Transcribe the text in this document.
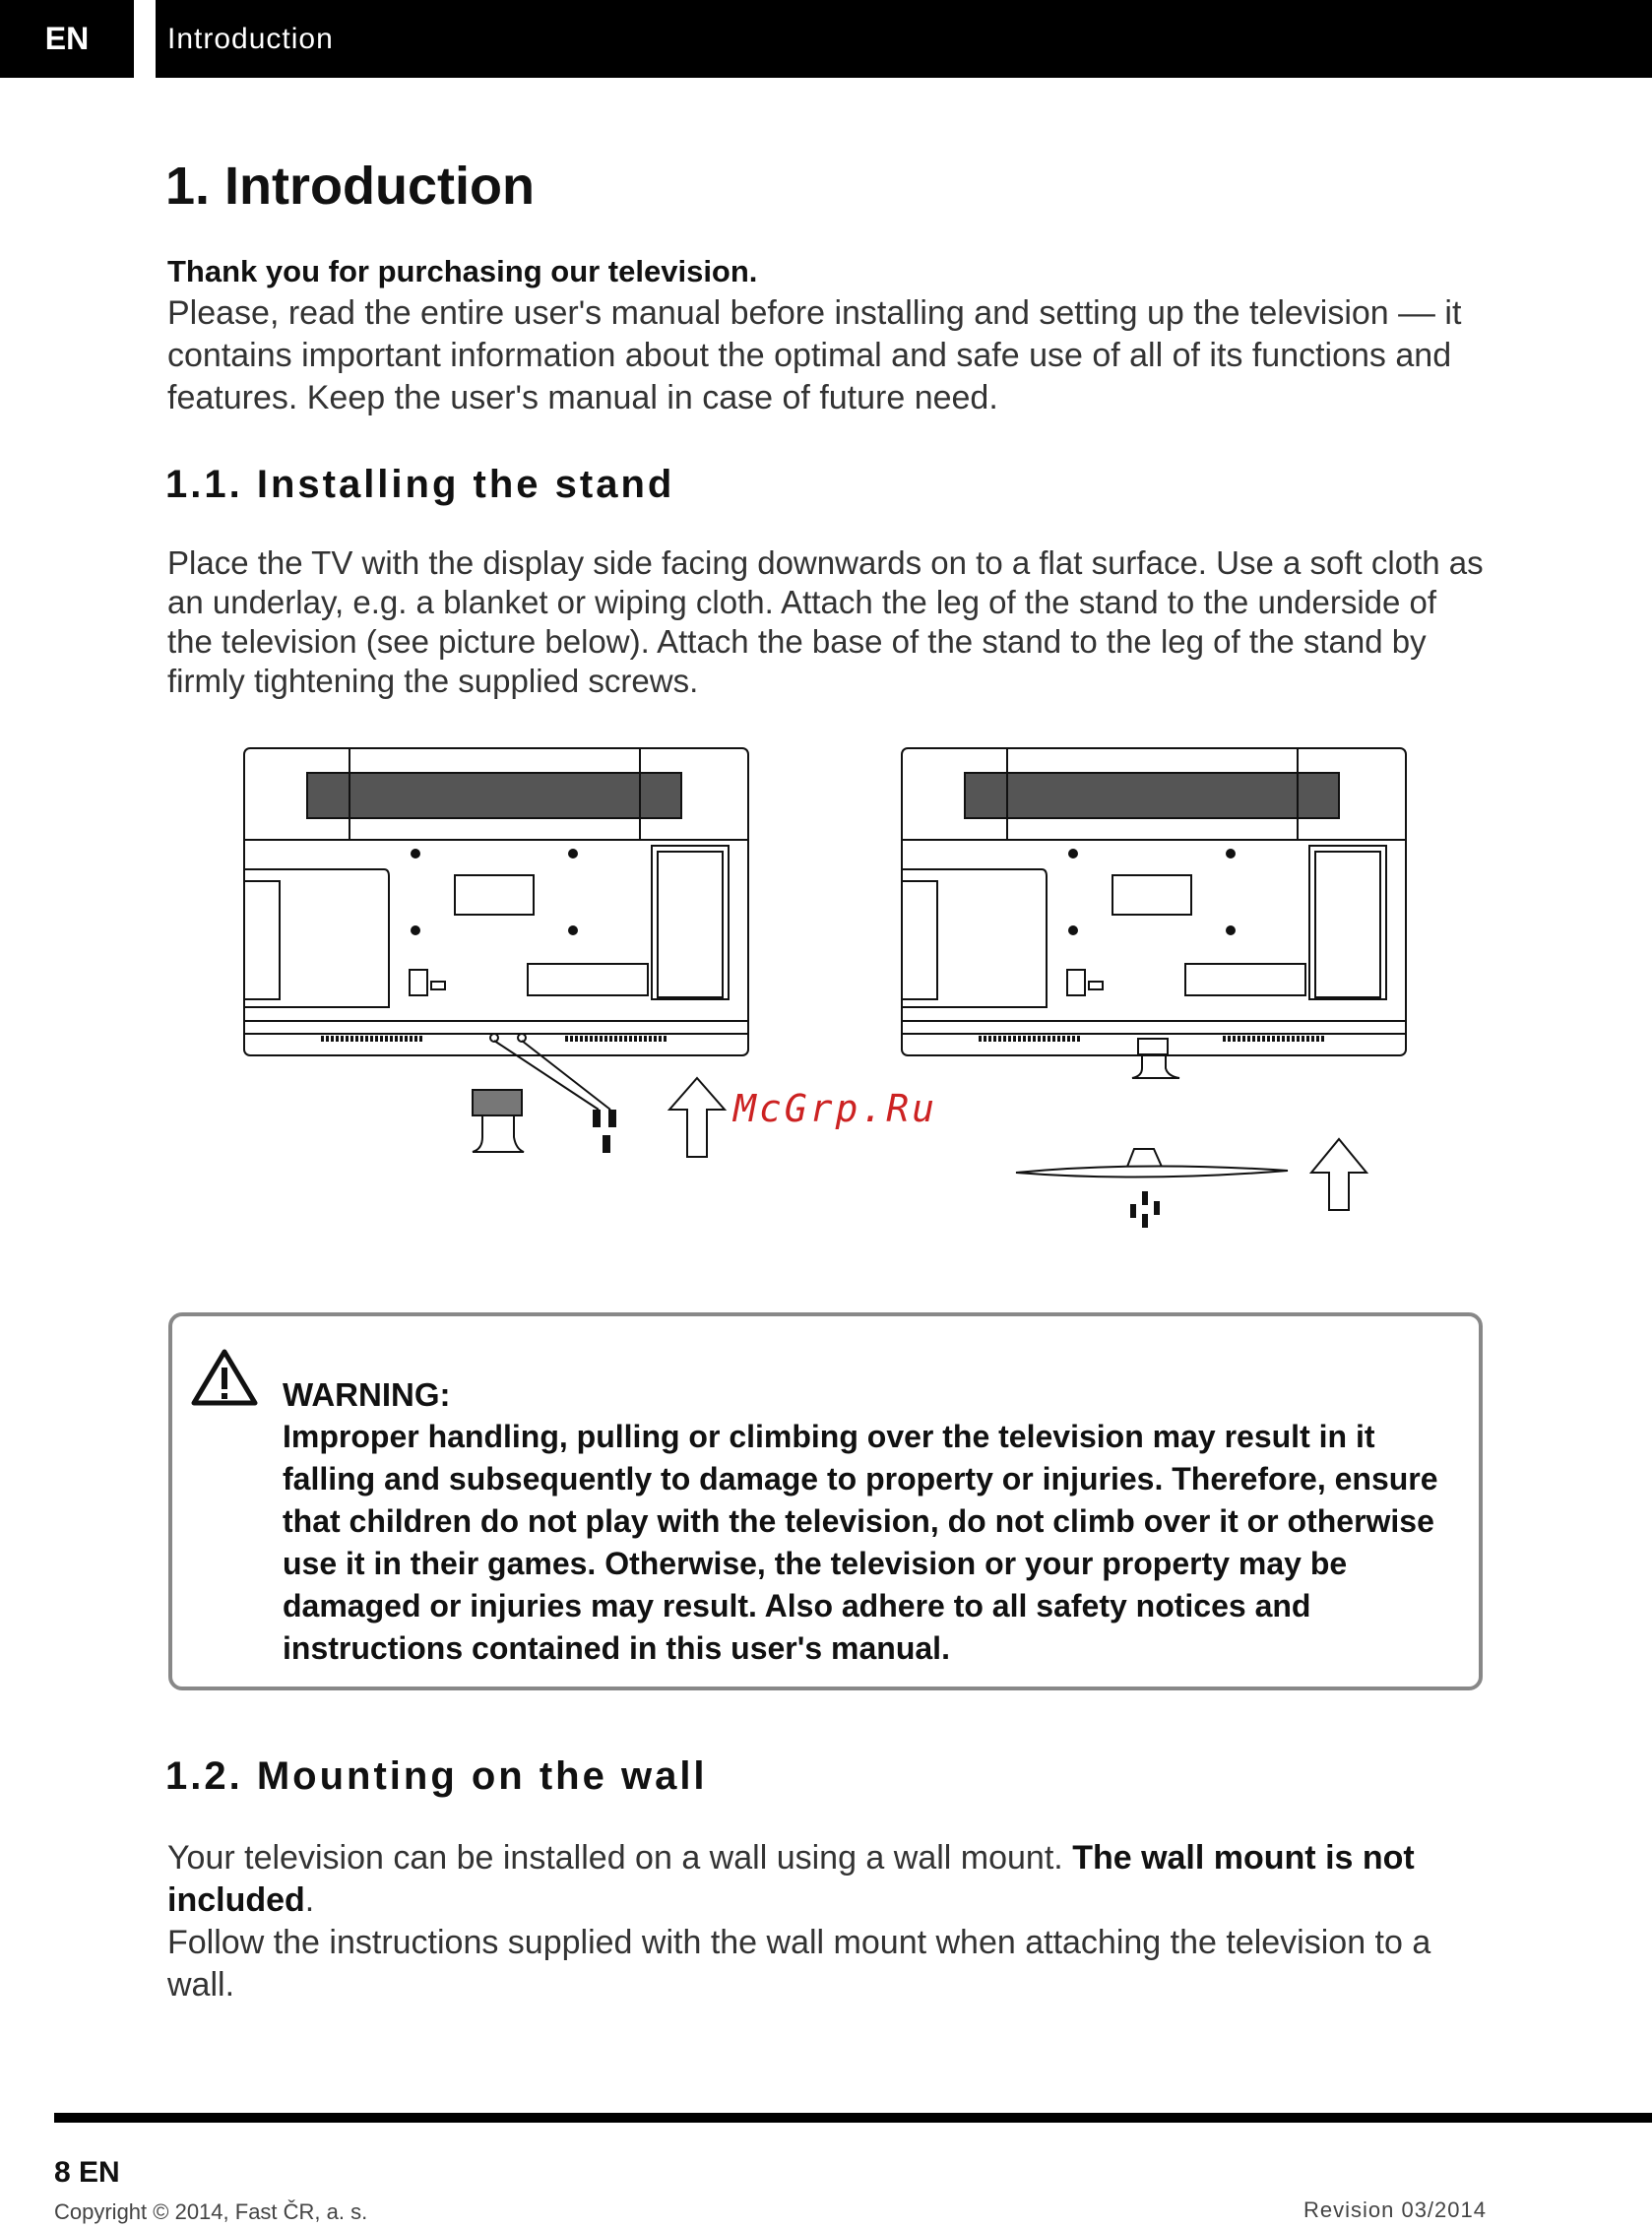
EN	Introduction
1. Introduction
Thank you for purchasing our television.
Please, read the entire user's manual before installing and setting up the television –– it contains important information about the optimal and safe use of all of its functions and features. Keep the user's manual in case of future need.
1.1. Installing the stand
Place the TV with the display side facing downwards on to a flat surface. Use a soft cloth as an underlay, e.g. a blanket or wiping cloth. Attach the leg of the stand to the underside of the television (see picture below). Attach the base of the stand to the leg of the stand by firmly tightening the supplied screws.
McGrp.Ru
WARNING:
Improper handling, pulling or climbing over the television may result in it falling and subsequently to damage to property or injuries. Therefore, ensure that children do not play with the television, do not climb over it or otherwise use it in their games. Otherwise, the television or your property may be damaged or injuries may result. Also adhere to all safety notices and instructions contained in this user's manual.
1.2. Mounting on the wall
Your television can be installed on a wall using a wall mount. The wall mount is not included.
Follow the instructions supplied with the wall mount when attaching the television to a wall.
8 EN
Copyright © 2014, Fast ČR, a. s.	Revision 03/2014
